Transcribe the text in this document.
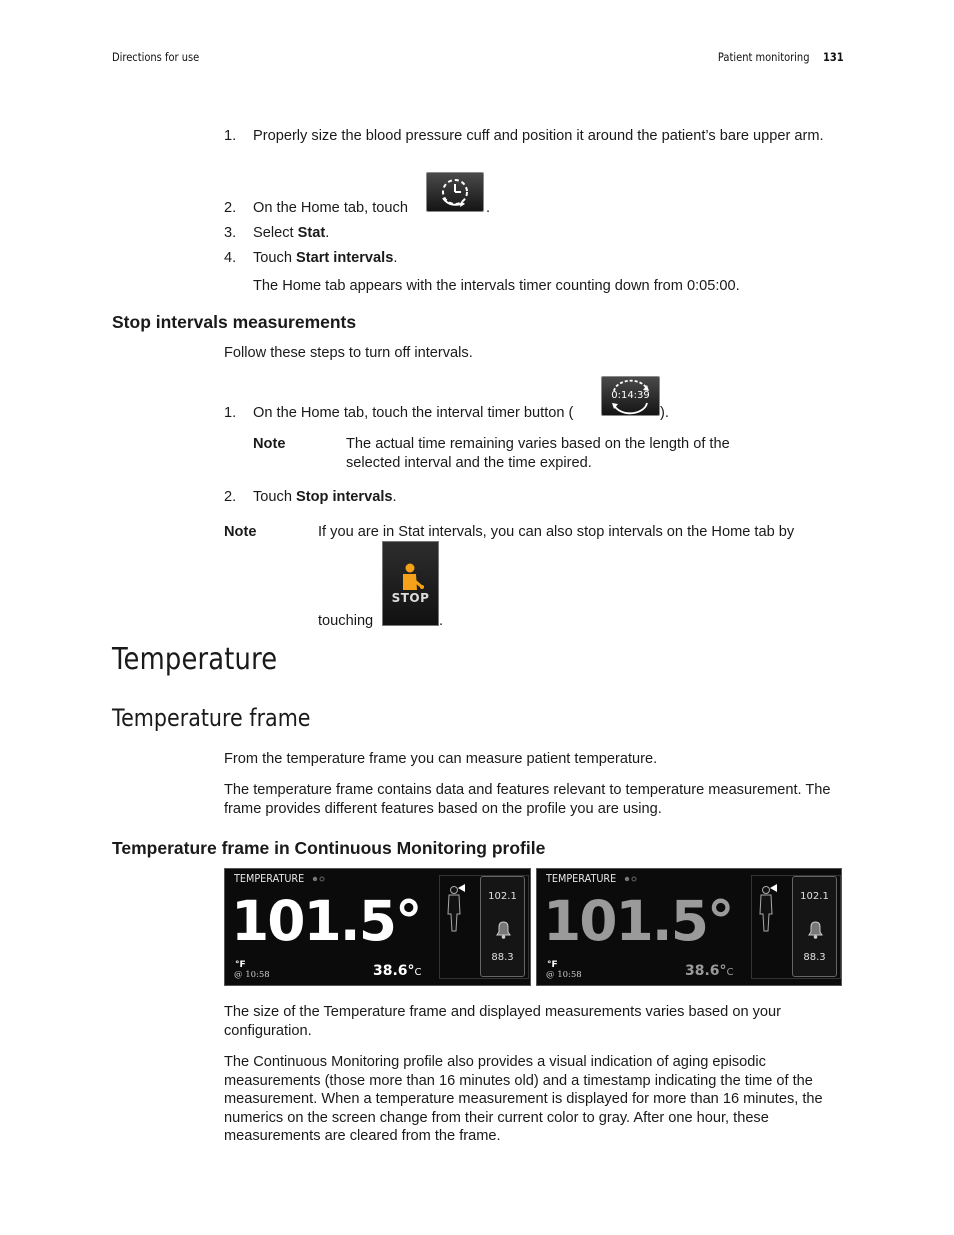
Directions for use	Patient monitoring 131
1.	Properly size the blood pressure cuff and position it around the patient’s bare upper arm.
2.	On the Home tab, touch	.
3.	Select Stat.
4.	Touch Start intervals.
The Home tab appears with the intervals timer counting down from 0:05:00.
Stop intervals measurements
Follow these steps to turn off intervals.
1.	On the Home tab, touch the interval timer button (
0:14:39
).
Note	The actual time remaining varies based on the length of the selected interval and the time expired.
2.	Touch Stop intervals.
Note	If you are in Stat intervals, you can also stop intervals on the Home tab by
touching
STOP
.
Temperature
Temperature frame
From the temperature frame you can measure patient temperature.
The temperature frame contains data and features relevant to temperature measurement. The frame provides different features based on the profile you are using.
Temperature frame in Continuous Monitoring profile
TEMPERATURE
101.5°
°F
@ 10:58	38.6°C
102.1
88.3
TEMPERATURE
101.5°
°F
@ 10:58	38.6°C
102.1
88.3
The size of the Temperature frame and displayed measurements varies based on your configuration.
The Continuous Monitoring profile also provides a visual indication of aging episodic measurements (those more than 16 minutes old) and a timestamp indicating the time of the measurement. When a temperature measurement is displayed for more than 16 minutes, the numerics on the screen change from their current color to gray. After one hour, these measurements are cleared from the frame.
